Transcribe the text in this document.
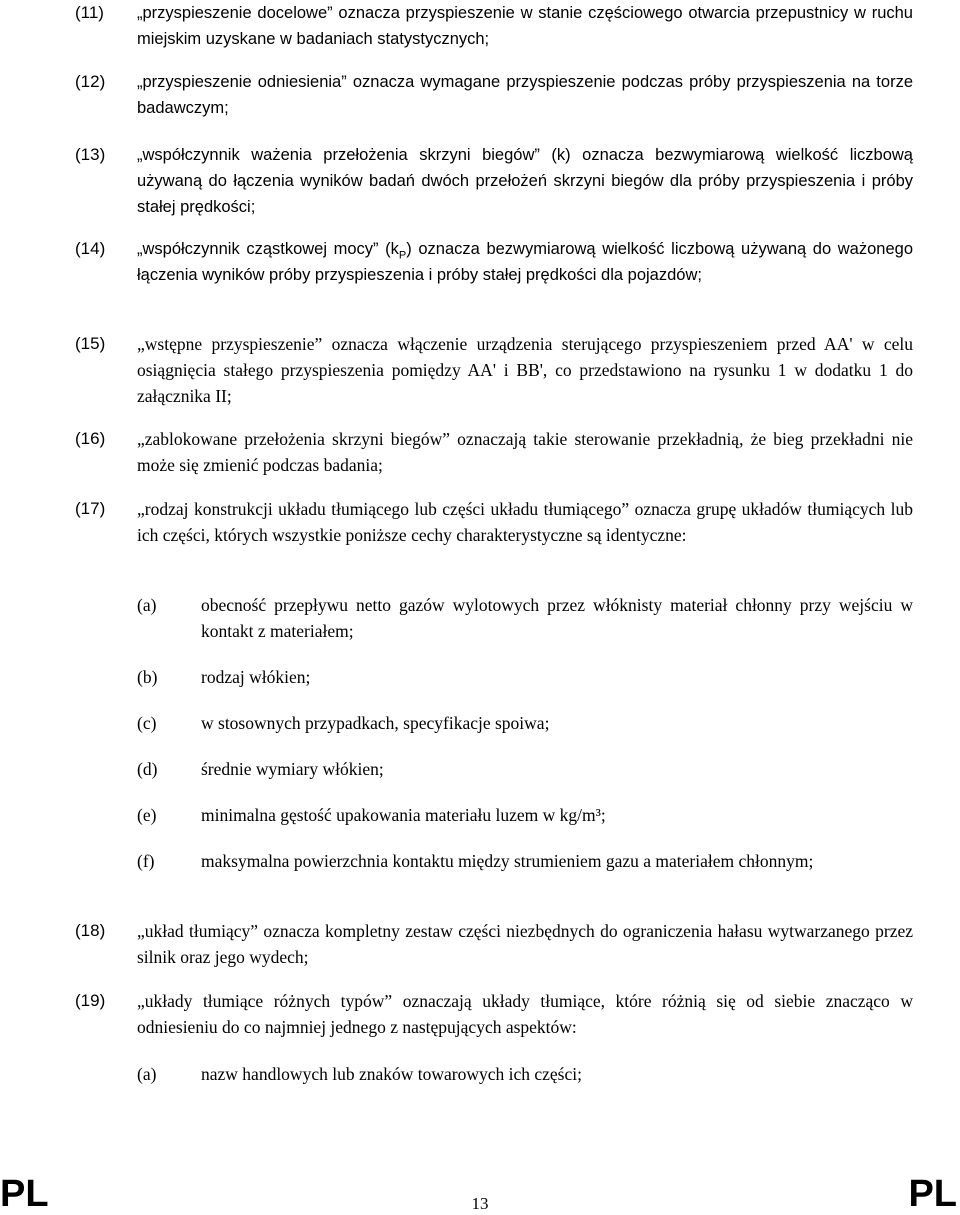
(11) „przyspieszenie docelowe” oznacza przyspieszenie w stanie częściowego otwarcia przepustnicy w ruchu miejskim uzyskane w badaniach statystycznych;
(12) „przyspieszenie odniesienia” oznacza wymagane przyspieszenie podczas próby przyspieszenia na torze badawczym;
(13) „współczynnik ważenia przełożenia skrzyni biegów” (k) oznacza bezwymiarową wielkość liczbową używaną do łączenia wyników badań dwóch przełożeń skrzyni biegów dla próby przyspieszenia i próby stałej prędkości;
(14) „współczynnik cząstkowej mocy” $(k_P)$ oznacza bezwymiarową wielkość liczbową używaną do ważonego łączenia wyników próby przyspieszenia i próby stałej prędkości dla pojazdów;
(15) „wstępne przyspieszenie” oznacza włączenie urządzenia sterującego przyspieszeniem przed AA' w celu osiągnięcia stałego przyspieszenia pomiędzy AA' i BB', co przedstawiono na rysunku 1 w dodatku 1 do załącznika II;
(16) „zablokowane przełożenia skrzyni biegów” oznaczają takie sterowanie przekładnią, że bieg przekładni nie może się zmienić podczas badania;
(17) „rodzaj konstrukcji układu tłumiącego lub części układu tłumiącego” oznacza grupę układów tłumiących lub ich części, których wszystkie poniższe cechy charakterystyczne są identyczne:
(a)	obecność przepływu netto gazów wylotowych przez włóknisty materiał chłonny przy wejściu w kontakt z materiałem;
(b) rodzaj włókien;
(c)	w stosownych przypadkach, specyfikacje spoiwa;
(d) średnie wymiary włókien;
(e)	minimalna gęstość upakowania materiału luzem w kg/m³;
(f)	maksymalna powierzchnia kontaktu między strumieniem gazu a materiałem chłonnym;
(18) „układ tłumiący” oznacza kompletny zestaw części niezbędnych do ograniczenia hałasu wytwarzanego przez silnik oraz jego wydech;
(19) „układy tłumiące różnych typów” oznaczają układy tłumiące, które różnią się od siebie znacząco w odniesieniu do co najmniej jednego z następujących aspektów:
(a)	nazw handlowych lub znaków towarowych ich części;
PL	13	PL
